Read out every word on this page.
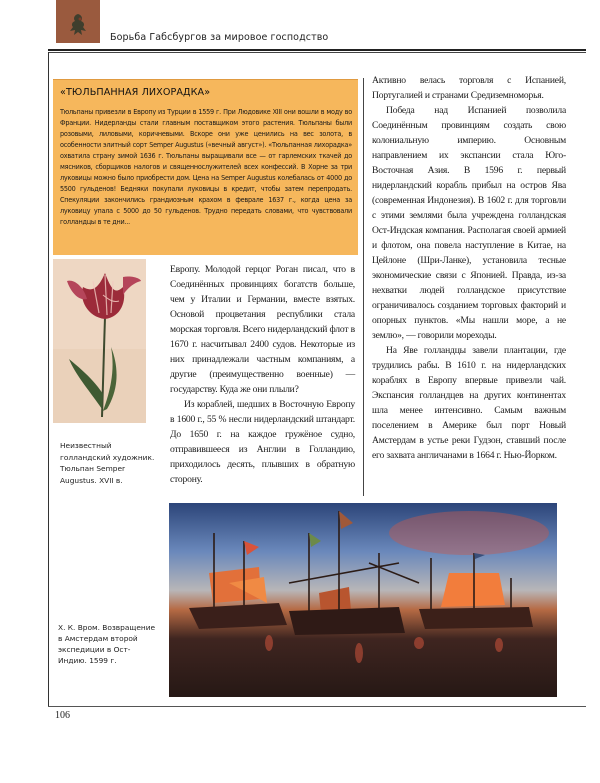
Борьба Габсбургов за мировое господство
«ТЮЛЬПАННАЯ ЛИХОРАДКА»
Тюльпаны привезли в Европу из Турции в 1559 г. При Людовике XIII они вошли в моду во Франции. Нидерланды стали главным поставщиком этого растения. Тюльпаны были розовыми, лиловыми, коричневыми. Вскоре они уже ценились на вес золота, в особенности элитный сорт Semper Augustus («вечный август»). «Тюльпанная лихорадка» охватила страну зимой 1636 г. Тюльпаны выращивали все — от гарлемских ткачей до мясников, сборщиков налогов и священнослужителей всех конфессий. В Хорне за три луковицы можно было приобрести дом. Цена на Semper Augustus колебалась от 4000 до 5500 гульденов! Бедняки покупали луковицы в кредит, чтобы затем перепродать. Спекуляции закончились грандиозным крахом в феврале 1637 г., когда цена за луковицу упала с 5000 до 50 гульденов. Трудно передать словами, что чувствовали голландцы в те дни...
Неизвестный голландский художник. Тюльпан Semper Augustus. XVII в.

Европу. Молодой герцог Роган писал, что в Соединённых провинциях богатств больше, чем у Италии и Германии, вместе взятых. Основой процветания республики стала морская торговля. Всего нидерландский флот в 1670 г. насчитывал 2400 судов. Некоторые из них принадлежали частным компаниям, а другие (преимущественно военные) — государству. Куда же они плыли?

Из кораблей, шедших в Восточную Европу в 1600 г., 55 % несли нидерландский штандарт. До 1650 г. на каждое гружёное судно, отправившееся из Англии в Голландию, приходилось десять, плывших в обратную сторону.

Активно велась торговля с Испанией, Португалией и странами Средиземноморья.

Победа над Испанией позволила Соединённым провинциям создать свою колониальную империю. Основным направлением их экспансии стала Юго-Восточная Азия. В 1596 г. первый нидерландский корабль прибыл на остров Ява (современная Индонезия). В 1602 г. для торговли с этими землями была учреждена голландская Ост-Индская компания. Располагая своей армией и флотом, она повела наступление в Китае, на Цейлоне (Шри-Ланке), установила тесные экономические связи с Японией. Правда, из-за нехватки людей голландское присутствие ограничивалось созданием торговых факторий и опорных пунктов. «Мы нашли море, а не землю», — говорили мореходы.

На Яве голландцы завели плантации, где трудились рабы. В 1610 г. на нидерландских кораблях в Европу впервые привезли чай. Экспансия голландцев на других континентах шла менее интенсивно. Самым важным поселением в Америке был порт Новый Амстердам в устье реки Гудзон, ставший после его захвата англичанами в 1664 г. Нью-Йорком.

Х. К. Вром. Возвращение в Амстердам второй экспедиции в Ост-Индию. 1599 г.
106
